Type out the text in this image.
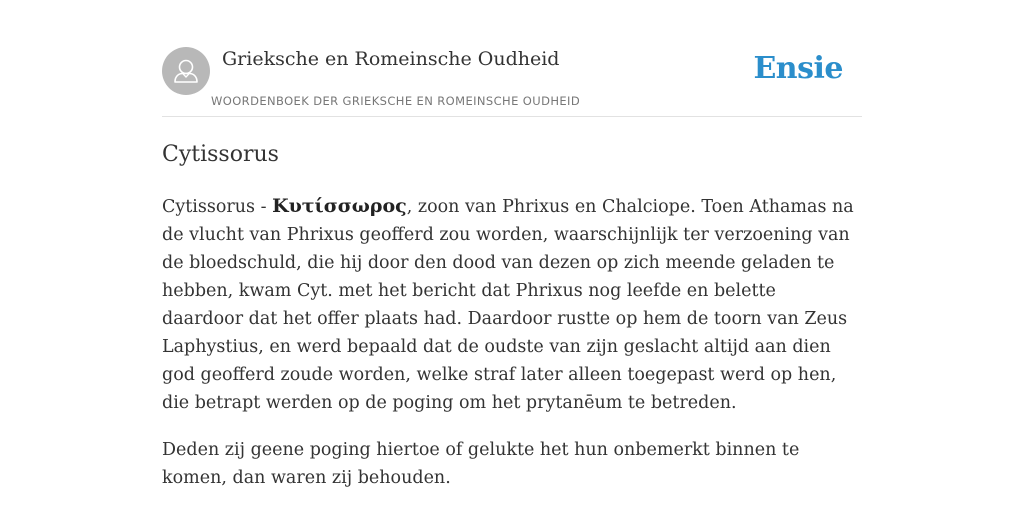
Grieksche en Romeinsche Oudheid
WOORDENBOEK DER GRIEKSCHE EN ROMEINSCHE OUDHEID
Ensie
Cytissorus

Cytissorus - Κυτίσσωρος, zoon van Phrixus en Chalciope. Toen Athamas na de vlucht van Phrixus geofferd zou worden, waarschijnlijk ter verzoening van de bloedschuld, die hij door den dood van dezen op zich meende geladen te hebben, kwam Cyt. met het bericht dat Phrixus nog leefde en belette daardoor dat het offer plaats had. Daardoor rustte op hem de toorn van Zeus Laphystius, en werd bepaald dat de oudste van zijn geslacht altijd aan dien god geofferd zoude worden, welke straf later alleen toegepast werd op hen, die betrapt werden op de poging om het prytanēum te betreden.

Deden zij geene poging hiertoe of gelukte het hun onbemerkt binnen te komen, dan waren zij behouden.
